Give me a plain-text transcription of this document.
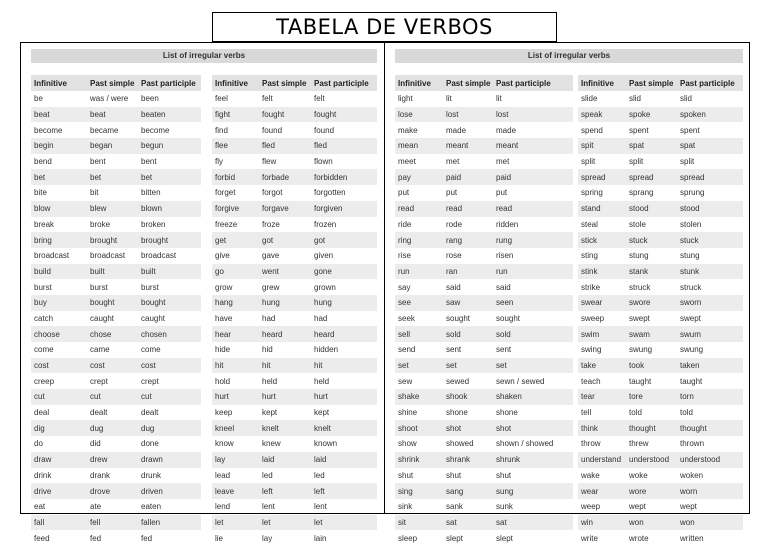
TABELA DE VERBOS
List of irregular verbs
Infinitive	Past simple	Past participle
be	was / were	been
beat	beat	beaten
become	became	become
begin	began	begun
bend	bent	bent
bet	bet	bet
bite	bit	bitten
blow	blew	blown
break	broke	broken
bring	brought	brought
broadcast	broadcast	broadcast
build	built	built
burst	burst	burst
buy	bought	bought
catch	caught	caught
choose	chose	chosen
come	came	come
cost	cost	cost
creep	crept	crept
cut	cut	cut
deal	dealt	dealt
dig	dug	dug
do	did	done
draw	drew	drawn
drink	drank	drunk
drive	drove	driven
eat	ate	eaten
fall	fell	fallen
feed	fed	fed
Infinitive	Past simple	Past participle
feel	felt	felt
fight	fought	fought
find	found	found
flee	fled	fled
fly	flew	flown
forbid	forbade	forbidden
forget	forgot	forgotten
forgive	forgave	forgiven
freeze	froze	frozen
get	got	got
give	gave	given
go	went	gone
grow	grew	grown
hang	hung	hung
have	had	had
hear	heard	heard
hide	hid	hidden
hit	hit	hit
hold	held	held
hurt	hurt	hurt
keep	kept	kept
kneel	knelt	knelt
know	knew	known
lay	laid	laid
lead	led	led
leave	left	left
lend	lent	lent
let	let	let
lie	lay	lain
List of irregular verbs
Infinitive	Past simple	Past participle
light	lit	lit
lose	lost	lost
make	made	made
mean	meant	meant
meet	met	met
pay	paid	paid
put	put	put
read	read	read
ride	rode	ridden
ring	rang	rung
rise	rose	risen
run	ran	run
say	said	said
see	saw	seen
seek	sought	sought
sell	sold	sold
send	sent	sent
set	set	set
sew	sewed	sewn / sewed
shake	shook	shaken
shine	shone	shone
shoot	shot	shot
show	showed	shown / showed
shrink	shrank	shrunk
shut	shut	shut
sing	sang	sung
sink	sank	sunk
sit	sat	sat
sleep	slept	slept
Infinitive	Past simple	Past participle
slide	slid	slid
speak	spoke	spoken
spend	spent	spent
spit	spat	spat
split	split	split
spread	spread	spread
spring	sprang	sprung
stand	stood	stood
steal	stole	stolen
stick	stuck	stuck
sting	stung	stung
stink	stank	stunk
strike	struck	struck
swear	swore	sworn
sweep	swept	swept
swim	swam	swum
swing	swung	swung
take	took	taken
teach	taught	taught
tear	tore	torn
tell	told	told
think	thought	thought
throw	threw	thrown
understand	understood	understood
wake	woke	woken
wear	wore	worn
weep	wept	wept
win	won	won
write	wrote	written
